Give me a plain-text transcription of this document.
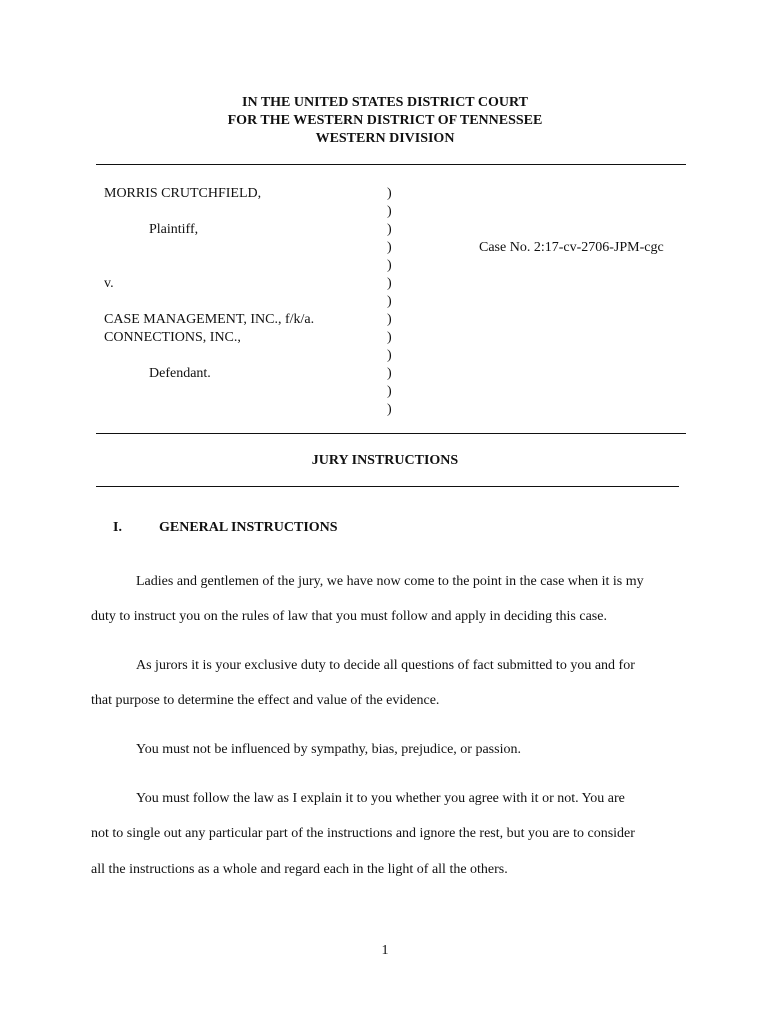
IN THE UNITED STATES DISTRICT COURT
FOR THE WESTERN DISTRICT OF TENNESSEE
WESTERN DIVISION
MORRIS CRUTCHFIELD,
Plaintiff,
v.
CASE MANAGEMENT, INC., f/k/a.
CONNECTIONS, INC.,
Defendant.
)
)
)
)
)
)
)
)
)
)
)
)
)
Case No. 2:17-cv-2706-JPM-cgc
JURY INSTRUCTIONS
I.	GENERAL INSTRUCTIONS
Ladies and gentlemen of the jury, we have now come to the point in the case when it is my
duty to instruct you on the rules of law that you must follow and apply in deciding this case.
As jurors it is your exclusive duty to decide all questions of fact submitted to you and for
that purpose to determine the effect and value of the evidence.
You must not be influenced by sympathy, bias, prejudice, or passion.
You must follow the law as I explain it to you whether you agree with it or not. You are
not to single out any particular part of the instructions and ignore the rest, but you are to consider
all the instructions as a whole and regard each in the light of all the others.
1
